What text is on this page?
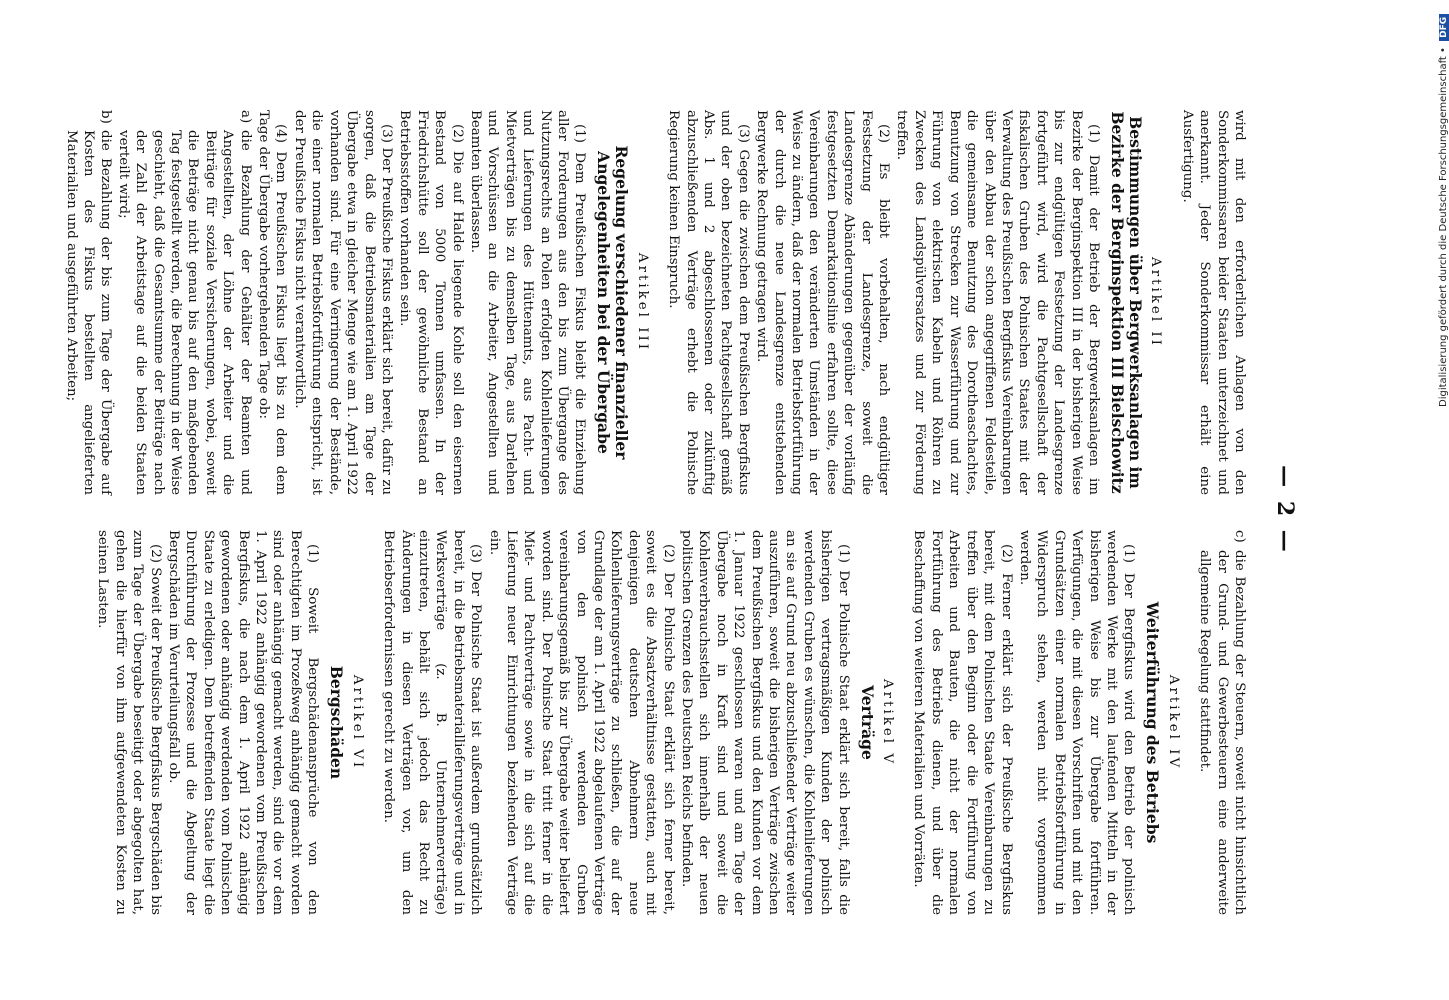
— 2 —

wird mit den erforderlichen Anlagen von den Sonderkommissaren beider Staaten unterzeichnet und anerkannt. Jeder Sonderkommissar erhält eine Ausfertigung.

Artikel II
Bestimmungen über Bergwerksanlagen im Bezirke der Berginspektion III Bielschowitz

(1) Damit der Betrieb der Bergwerksanlagen im Bezirke der Berginspektion III in der bisherigen Weise bis zur endgültigen Festsetzung der Landesgrenze fortgeführt wird, wird die Pachtgesellschaft der fiskalischen Gruben des Polnischen Staates mit der Verwaltung des Preußischen Bergfiskus Vereinbarungen über den Abbau der schon angegriffenen Feldesteile, die gemeinsame Benutzung des Dorotheaschachtes, Benutzung von Strecken zur Wasserführung und zur Führung von elektrischen Kabeln und Röhren zu Zwecken des Landspülversatzes und zur Förderung treffen.

(2) Es bleibt vorbehalten, nach endgültiger Festsetzung der Landesgrenze, soweit die Landesgrenze Abänderungen gegenüber der vorläufig festgesetzten Demarkationslinie erfahren sollte, diese Vereinbarungen den veränderten Umständen in der Weise zu ändern, daß der normalen Betriebsfortführung der durch die neue Landesgrenze entstehenden Bergwerke Rechnung getragen wird.

(3) Gegen die zwischen dem Preußischen Bergfiskus und der oben bezeichneten Pachtgesellschaft gemäß Abs. 1 und 2 abgeschlossenen oder zukünftig abzuschließenden Verträge erhebt die Polnische Regierung keinen Einspruch.

Artikel III
Regelung verschiedener finanzieller Angelegenheiten bei der Übergabe

(1) Dem Preußischen Fiskus bleibt die Einziehung aller Forderungen aus den bis zum Übergange des Nutzungsrechts an Polen erfolgten Kohlenlieferungen und Lieferungen des Hüttenamts, aus Pacht- und Mietverträgen bis zu demselben Tage, aus Darlehen und Vorschüssen an die Arbeiter, Angestellten und Beamten überlassen.

(2) Die auf Halde liegende Kohle soll den eisernen Bestand von 5000 Tonnen umfassen. In der Friedrichshütte soll der gewöhnliche Bestand an Betriebsstoffen vorhanden sein.

(3) Der Preußische Fiskus erklärt sich bereit, dafür zu sorgen, daß die Betriebsmaterialien am Tage der Übergabe etwa in gleicher Menge wie am 1. April 1922 vorhanden sind. Für eine Verringerung der Bestände, die einer normalen Betriebsfortführung entspricht, ist der Preußische Fiskus nicht verantwortlich.

(4) Dem Preußischen Fiskus liegt bis zu dem dem Tage der Übergabe vorhergehenden Tage ob:

a)
die Bezahlung der Gehälter der Beamten und Angestellten, der Löhne der Arbeiter und die Beiträge für soziale Versicherungen, wobei, soweit die Beträge nicht genau bis auf den maßgebenden Tag festgestellt werden, die Berechnung in der Weise geschieht, daß die Gesamtsumme der Beiträge nach der Zahl der Arbeitstage auf die beiden Staaten verteilt wird;
b)
die Bezahlung der bis zum Tage der Übergabe auf Kosten des Fiskus bestellten angelieferten Materialien und ausgeführten Arbeiten;
c)
die Bezahlung der Steuern, soweit nicht hinsichtlich der Grund- und Gewerbesteuern eine anderweite allgemeine Regelung stattfindet.
Artikel IV
Weiterführung des Betriebs

(1) Der Bergfiskus wird den Betrieb der polnisch werdenden Werke mit den laufenden Mitteln in der bisherigen Weise bis zur Übergabe fortführen. Verfügungen, die mit diesen Vorschriften und mit den Grundsätzen einer normalen Betriebsfortführung in Widerspruch stehen, werden nicht vorgenommen werden.

(2) Ferner erklärt sich der Preußische Bergfiskus bereit, mit dem Polnischen Staate Vereinbarungen zu treffen über den Beginn oder die Fortführung von Arbeiten und Bauten, die nicht der normalen Fortführung des Betriebs dienen, und über die Beschaffung von weiteren Materialien und Vorräten.

Artikel V
Verträge

(1) Der Polnische Staat erklärt sich bereit, falls die bisherigen vertragsmäßigen Kunden der polnisch werdenden Gruben es wünschen, die Kohlenlieferungen an sie auf Grund neu abzuschließender Verträge weiter auszuführen, soweit die bisherigen Verträge zwischen dem Preußischen Bergfiskus und den Kunden vor dem 1. Januar 1922 geschlossen waren und am Tage der Übergabe noch in Kraft sind und soweit die Kohlenverbrauchsstellen sich innerhalb der neuen politischen Grenzen des Deutschen Reichs befinden.

(2) Der Polnische Staat erklärt sich ferner bereit, soweit es die Absatzverhältnisse gestatten, auch mit denjenigen deutschen Abnehmern neue Kohlenlieferungsverträge zu schließen, die auf der Grundlage der am 1. April 1922 abgelaufenen Verträge von den polnisch werdenden Gruben vereinbarungsgemäß bis zur Übergabe weiter beliefert worden sind. Der Polnische Staat tritt ferner in die Miet- und Pachtverträge sowie in die sich auf die Lieferung neuer Einrichtungen beziehenden Verträge ein.

(3) Der Polnische Staat ist außerdem grundsätzlich bereit, in die Betriebsmateriallieferungsverträge und in Werksverträge (z. B. Unternehmerverträge) einzutreten, behält sich jedoch das Recht zu Änderungen in diesen Verträgen vor, um den Betriebserfordernissen gerecht zu werden.

Artikel VI
Bergschäden

(1) Soweit Bergschädenansprüche von den Berechtigten im Prozeßweg anhängig gemacht worden sind oder anhängig gemacht werden, sind die vor dem 1. April 1922 anhängig gewordenen vom Preußischen Bergfiskus, die nach dem 1. April 1922 anhängig gewordenen oder anhängig werdenden vom Polnischen Staate zu erledigen. Dem betreffenden Staate liegt die Durchführung der Prozesse und die Abgeltung der Bergschäden im Verurteilungsfall ob.

(2) Soweit der Preußische Bergfiskus Bergschäden bis zum Tage der Übergabe beseitigt oder abgegolten hat, gehen die hierfür von ihm aufgewendeten Kosten zu seinen Lasten.

Digitalisierung gefördert durch die Deutsche Forschungsgemeinschaft • DFG
